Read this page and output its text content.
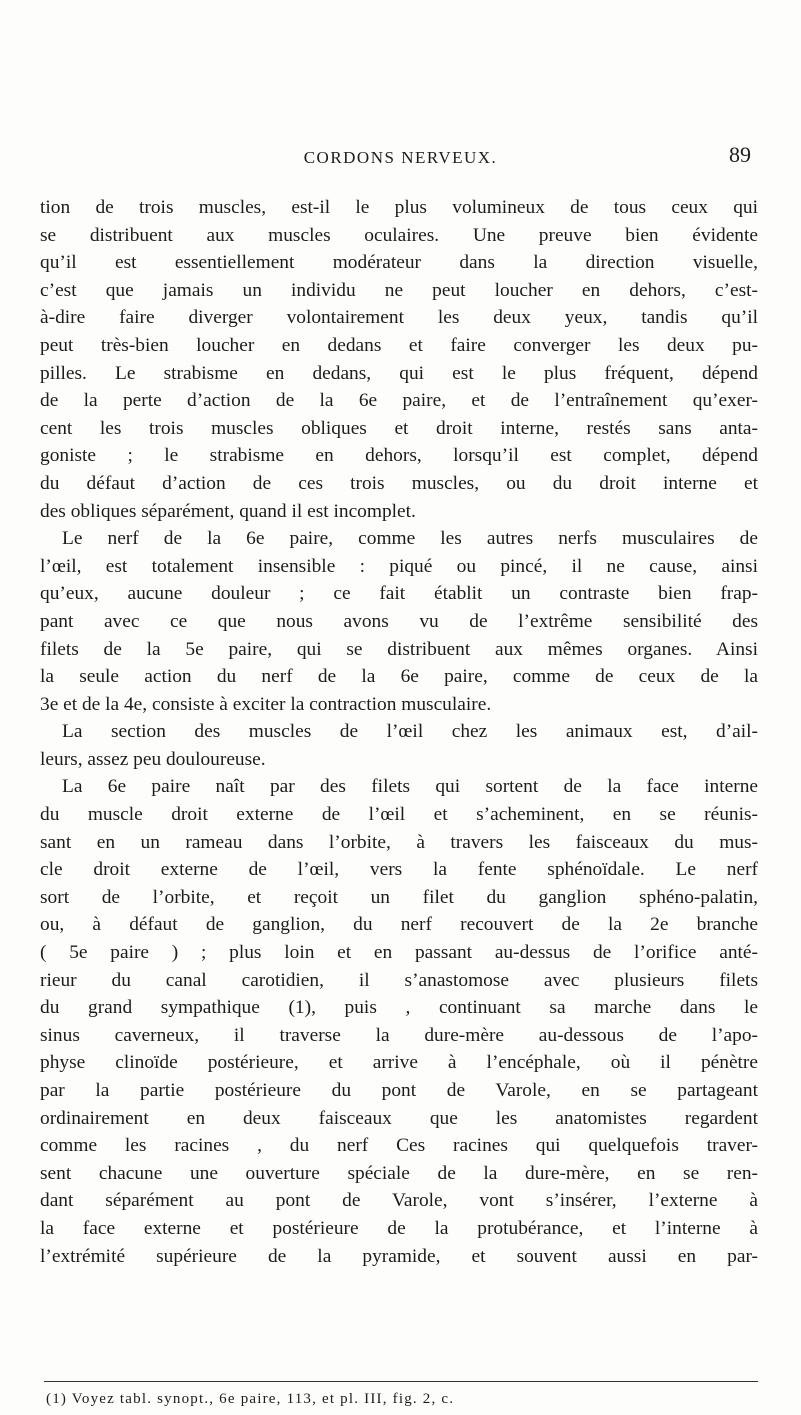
CORDONS NERVEUX.	89
tion de trois muscles, est-il le plus volumineux de tous ceux qui
se distribuent aux muscles oculaires. Une preuve bien évidente
qu’il est essentiellement modérateur dans la direction visuelle,
c’est que jamais un individu ne peut loucher en dehors, c’est-
à-dire faire diverger volontairement les deux yeux, tandis qu’il
peut très-bien loucher en dedans et faire converger les deux pu-
pilles. Le strabisme en dedans, qui est le plus fréquent, dépend
de la perte d’action de la 6e paire, et de l’entraînement qu’exer-
cent les trois muscles obliques et droit interne, restés sans anta-
goniste ; le strabisme en dehors, lorsqu’il est complet, dépend
du défaut d’action de ces trois muscles, ou du droit interne et
des obliques séparément, quand il est incomplet.
Le nerf de la 6e paire, comme les autres nerfs musculaires de
l’œil, est totalement insensible : piqué ou pincé, il ne cause, ainsi
qu’eux, aucune douleur ; ce fait établit un contraste bien frap-
pant avec ce que nous avons vu de l’extrême sensibilité des
filets de la 5e paire, qui se distribuent aux mêmes organes. Ainsi
la seule action du nerf de la 6e paire, comme de ceux de la
3e et de la 4e, consiste à exciter la contraction musculaire.
La section des muscles de l’œil chez les animaux est, d’ail-
leurs, assez peu douloureuse.
La 6e paire naît par des filets qui sortent de la face interne
du muscle droit externe de l’œil et s’acheminent, en se réunis-
sant en un rameau dans l’orbite, à travers les faisceaux du mus-
cle droit externe de l’œil, vers la fente sphénoïdale. Le nerf
sort de l’orbite, et reçoit un filet du ganglion sphéno-palatin,
ou, à défaut de ganglion, du nerf recouvert de la 2e branche
( 5e paire ) ; plus loin et en passant au-dessus de l’orifice anté-
rieur du canal carotidien, il s’anastomose avec plusieurs filets
du grand sympathique (1), puis , continuant sa marche dans le
sinus caverneux, il traverse la dure-mère au-dessous de l’apo-
physe clinoïde postérieure, et arrive à l’encéphale, où il pénètre
par la partie postérieure du pont de Varole, en se partageant
ordinairement en deux faisceaux que les anatomistes regardent
comme les racines , du nerf Ces racines qui quelquefois traver-
sent chacune une ouverture spéciale de la dure-mère, en se ren-
dant séparément au pont de Varole, vont s’insérer, l’externe à
la face externe et postérieure de la protubérance, et l’interne à
l’extrémité supérieure de la pyramide, et souvent aussi en par-
(1) Voyez tabl. synopt., 6e paire, 113, et pl. III, fig. 2, c.
